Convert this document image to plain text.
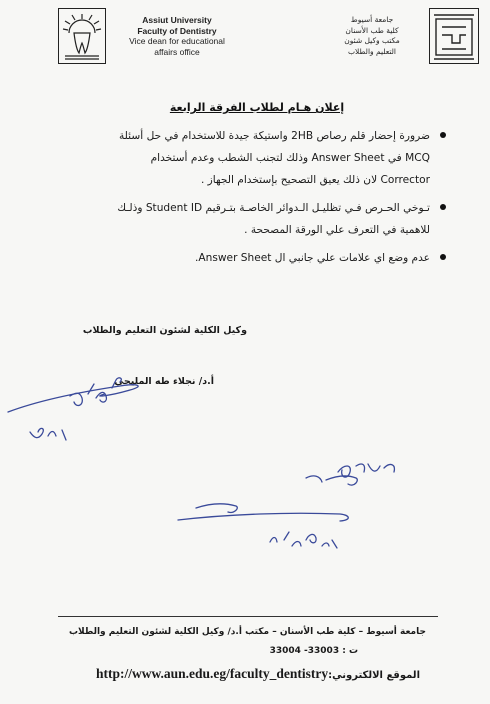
Assiut University
Faculty of Dentistry
Vice dean for educational
affairs office
جامعة أسيوط
كلية طب الأسنان
مكتب وكيل شئون
التعليم والطلاب
إعلان هـام لطلاب الفرقة الرابعة
ضرورة إحضار قلم رصاص 2HB واستيكة جيدة للاستخدام في حل أسئلة
MCQ في Answer Sheet وذلك لتجنب الشطب وعدم أستخدام
Corrector لان ذلك يعيق التصحيح بإستخدام الجهاز .
تـوخي الحـرص فـي تظليـل الـدوائر الخاصـة بتـرقيم Student ID وذلـك
للاهمية في التعرف علي الورقة المصححة .
عدم وضع اي علامات علي جانبي ال Answer Sheet.
وكيل الكلية لشئون التعليم والطلاب
أ.د/ نجلاء طه المليجي
جامعة أسيوط – كلية طب الأسنان – مكتب أ.د/ وكيل الكلية لشئون التعليم والطلاب
ت : 33003- 33004
الموقع الالكتروني:http://www.aun.edu.eg/faculty_dentistry
